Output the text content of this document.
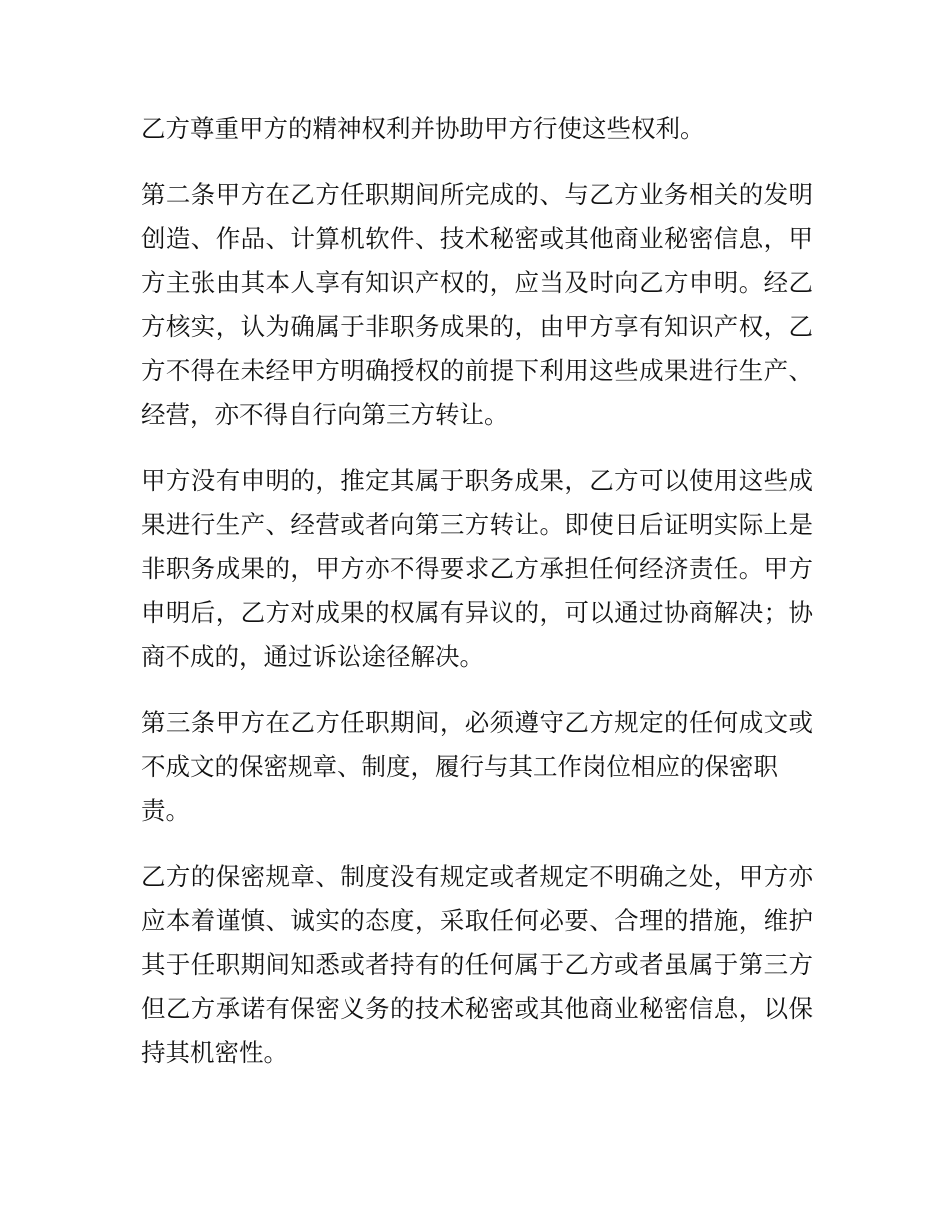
乙方尊重甲方的精神权利并协助甲方行使这些权利。
第二条甲方在乙方任职期间所完成的、与乙方业务相关的发明
创造、作品、计算机软件、技术秘密或其他商业秘密信息，甲
方主张由其本人享有知识产权的，应当及时向乙方申明。经乙
方核实，认为确属于非职务成果的，由甲方享有知识产权，乙
方不得在未经甲方明确授权的前提下利用这些成果进行生产、
经营，亦不得自行向第三方转让。
甲方没有申明的，推定其属于职务成果，乙方可以使用这些成
果进行生产、经营或者向第三方转让。即使日后证明实际上是
非职务成果的，甲方亦不得要求乙方承担任何经济责任。甲方
申明后，乙方对成果的权属有异议的，可以通过协商解决；协
商不成的，通过诉讼途径解决。
第三条甲方在乙方任职期间，必须遵守乙方规定的任何成文或
不成文的保密规章、制度，履行与其工作岗位相应的保密职
责。
乙方的保密规章、制度没有规定或者规定不明确之处，甲方亦
应本着谨慎、诚实的态度，采取任何必要、合理的措施，维护
其于任职期间知悉或者持有的任何属于乙方或者虽属于第三方
但乙方承诺有保密义务的技术秘密或其他商业秘密信息，以保
持其机密性。
